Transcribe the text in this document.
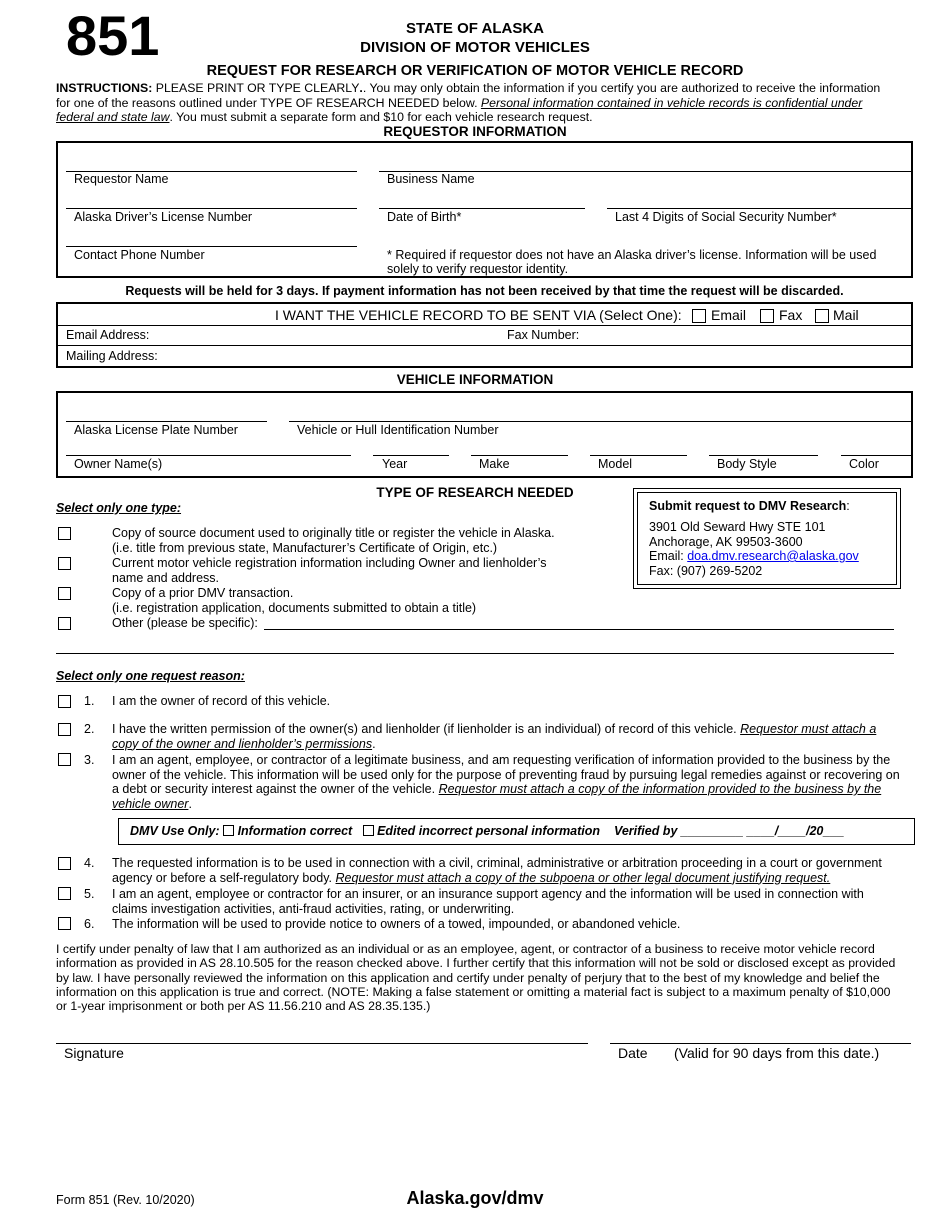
851	STATE OF ALASKA
DIVISION OF MOTOR VEHICLES
REQUEST FOR RESEARCH OR VERIFICATION OF MOTOR VEHICLE RECORD
INSTRUCTIONS: PLEASE PRINT OR TYPE CLEARLY.. You may only obtain the information if you certify you are authorized to receive the information for one of the reasons outlined under TYPE OF RESEARCH NEEDED below. Personal information contained in vehicle records is confidential under federal and state law. You must submit a separate form and $10 for each vehicle research request.
REQUESTOR INFORMATION
Requestor Name	Business Name
Alaska Driver’s License Number	Date of Birth*	Last 4 Digits of Social Security Number*
Contact Phone Number	* Required if requestor does not have an Alaska driver’s license. Information will be used solely to verify requestor identity.
Requests will be held for 3 days. If payment information has not been received by that time the request will be discarded.
I WANT THE VEHICLE RECORD TO BE SENT VIA (Select One): Email Fax Mail
Email Address:	Fax Number:
Mailing Address:
VEHICLE INFORMATION
Alaska License Plate Number	Vehicle or Hull Identification Number
Owner Name(s)	Year	Make	Model	Body Style	Color
TYPE OF RESEARCH NEEDED
Select only one type:
Copy of source document used to originally title or register the vehicle in Alaska.
(i.e. title from previous state, Manufacturer’s Certificate of Origin, etc.)
Current motor vehicle registration information including Owner and lienholder’s
name and address.
Copy of a prior DMV transaction.
(i.e. registration application, documents submitted to obtain a title)
Other (please be specific):
Submit request to DMV Research:
3901 Old Seward Hwy STE 101
Anchorage, AK 99503-3600
Email: doa.dmv.research@alaska.gov
Fax: (907) 269-5202
Select only one request reason:
1. I am the owner of record of this vehicle.
2. I have the written permission of the owner(s) and lienholder (if lienholder is an individual) of record of this vehicle. Requestor must attach a copy of the owner and lienholder’s permissions.
3. I am an agent, employee, or contractor of a legitimate business, and am requesting verification of information provided to the business by the owner of the vehicle. This information will be used only for the purpose of preventing fraud by pursuing legal remedies against or recovering on a debt or security interest against the owner of the vehicle. Requestor must attach a copy of the information provided to the business by the vehicle owner.
DMV Use Only: Information correct Edited incorrect personal information Verified by _________ ____/____/20___
4. The requested information is to be used in connection with a civil, criminal, administrative or arbitration proceeding in a court or government agency or before a self-regulatory body. Requestor must attach a copy of the subpoena or other legal document justifying request.
5. I am an agent, employee or contractor for an insurer, or an insurance support agency and the information will be used in connection with claims investigation activities, anti-fraud activities, rating, or underwriting.
6. The information will be used to provide notice to owners of a towed, impounded, or abandoned vehicle.
I certify under penalty of law that I am authorized as an individual or as an employee, agent, or contractor of a business to receive motor vehicle record information as provided in AS 28.10.505 for the reason checked above. I further certify that this information will not be sold or disclosed except as provided by law. I have personally reviewed the information on this application and certify under penalty of perjury that to the best of my knowledge and belief the information on this application is true and correct. (NOTE: Making a false statement or omitting a material fact is subject to a maximum penalty of $10,000 or 1-year imprisonment or both per AS 11.56.210 and AS 28.35.135.)
Signature	Date (Valid for 90 days from this date.)
Form 851 (Rev. 10/2020)	Alaska.gov/dmv
